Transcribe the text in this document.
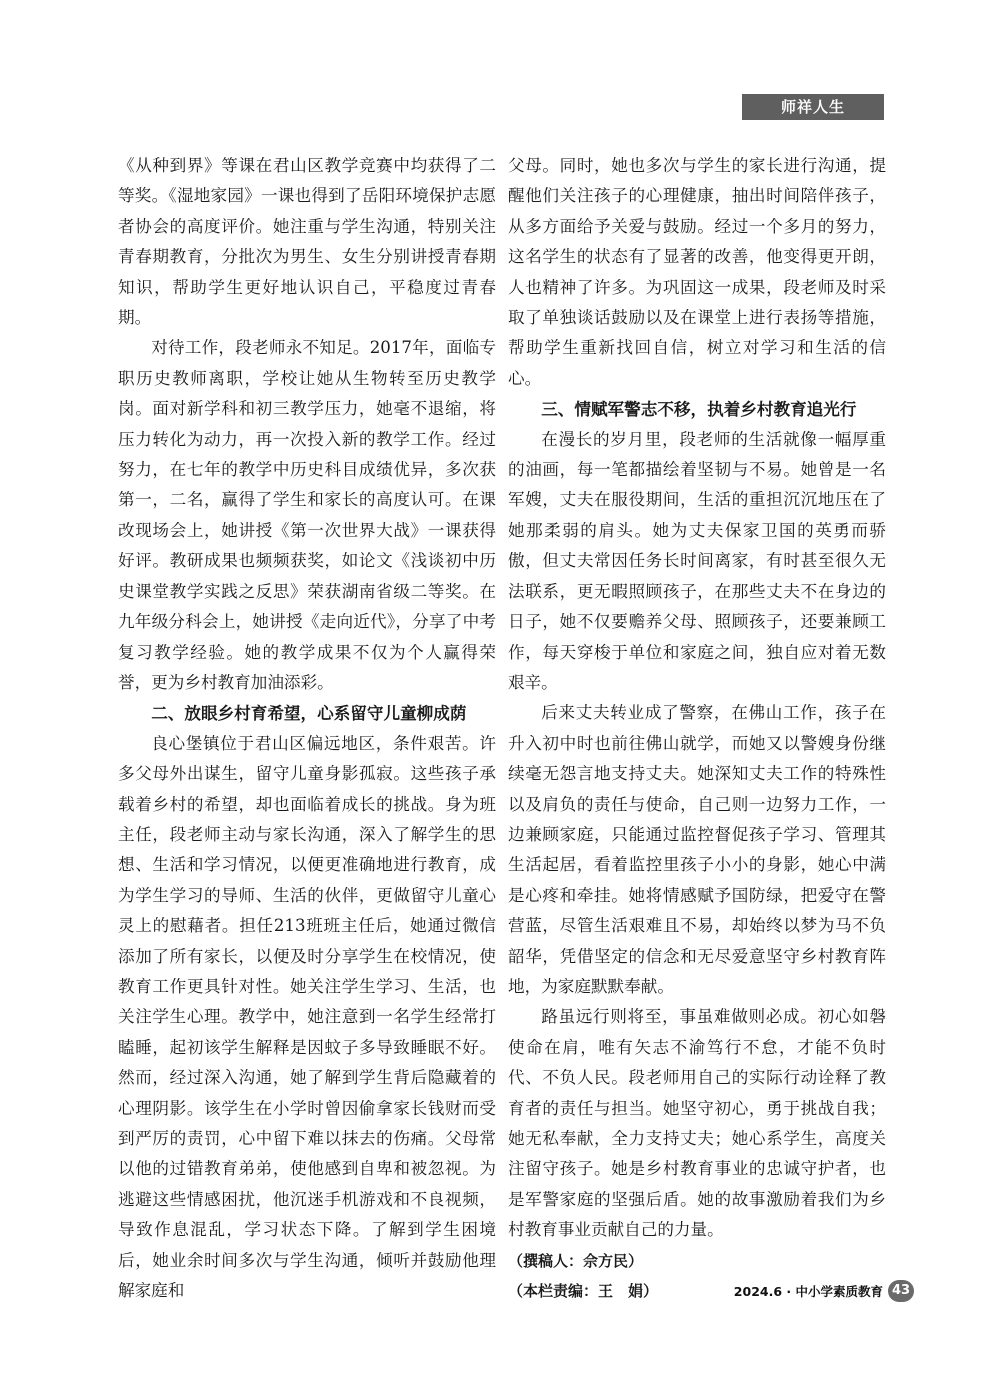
师祥人生

《从种到界》等课在君山区教学竞赛中均获得了二等奖。《湿地家园》一课也得到了岳阳环境保护志愿者协会的高度评价。她注重与学生沟通，特别关注青春期教育，分批次为男生、女生分别讲授青春期知识，帮助学生更好地认识自己，平稳度过青春期。

对待工作，段老师永不知足。2017年，面临专职历史教师离职，学校让她从生物转至历史教学岗。面对新学科和初三教学压力，她毫不退缩，将压力转化为动力，再一次投入新的教学工作。经过努力，在七年的教学中历史科目成绩优异，多次获第一，二名，赢得了学生和家长的高度认可。在课改现场会上，她讲授《第一次世界大战》一课获得好评。教研成果也频频获奖，如论文《浅谈初中历史课堂教学实践之反思》荣获湖南省级二等奖。在九年级分科会上，她讲授《走向近代》，分享了中考复习教学经验。她的教学成果不仅为个人赢得荣誉，更为乡村教育加油添彩。

二、放眼乡村育希望，心系留守儿童柳成荫

良心堡镇位于君山区偏远地区，条件艰苦。许多父母外出谋生，留守儿童身影孤寂。这些孩子承载着乡村的希望，却也面临着成长的挑战。身为班主任，段老师主动与家长沟通，深入了解学生的思想、生活和学习情况，以便更准确地进行教育，成为学生学习的导师、生活的伙伴，更做留守儿童心灵上的慰藉者。担任213班班主任后，她通过微信添加了所有家长，以便及时分享学生在校情况，使教育工作更具针对性。她关注学生学习、生活，也关注学生心理。教学中，她注意到一名学生经常打瞌睡，起初该学生解释是因蚊子多导致睡眠不好。然而，经过深入沟通，她了解到学生背后隐藏着的心理阴影。该学生在小学时曾因偷拿家长钱财而受到严厉的责罚，心中留下难以抹去的伤痛。父母常以他的过错教育弟弟，使他感到自卑和被忽视。为逃避这些情感困扰，他沉迷手机游戏和不良视频，导致作息混乱，学习状态下降。了解到学生困境后，她业余时间多次与学生沟通，倾听并鼓励他理解家庭和

父母。同时，她也多次与学生的家长进行沟通，提醒他们关注孩子的心理健康，抽出时间陪伴孩子，从多方面给予关爱与鼓励。经过一个多月的努力，这名学生的状态有了显著的改善，他变得更开朗，人也精神了许多。为巩固这一成果，段老师及时采取了单独谈话鼓励以及在课堂上进行表扬等措施，帮助学生重新找回自信，树立对学习和生活的信心。

三、情赋军警志不移，执着乡村教育追光行

在漫长的岁月里，段老师的生活就像一幅厚重的油画，每一笔都描绘着坚韧与不易。她曾是一名军嫂，丈夫在服役期间，生活的重担沉沉地压在了她那柔弱的肩头。她为丈夫保家卫国的英勇而骄傲，但丈夫常因任务长时间离家，有时甚至很久无法联系，更无暇照顾孩子，在那些丈夫不在身边的日子，她不仅要赡养父母、照顾孩子，还要兼顾工作，每天穿梭于单位和家庭之间，独自应对着无数艰辛。

后来丈夫转业成了警察，在佛山工作，孩子在升入初中时也前往佛山就学，而她又以警嫂身份继续毫无怨言地支持丈夫。她深知丈夫工作的特殊性以及肩负的责任与使命，自己则一边努力工作，一边兼顾家庭，只能通过监控督促孩子学习、管理其生活起居，看着监控里孩子小小的身影，她心中满是心疼和牵挂。她将情感赋予国防绿，把爱守在警营蓝，尽管生活艰难且不易，却始终以梦为马不负韶华，凭借坚定的信念和无尽爱意坚守乡村教育阵地，为家庭默默奉献。

路虽远行则将至，事虽难做则必成。初心如磐使命在肩，唯有矢志不渝笃行不怠，才能不负时代、不负人民。段老师用自己的实际行动诠释了教育者的责任与担当。她坚守初心，勇于挑战自我；她无私奉献，全力支持丈夫；她心系学生，高度关注留守孩子。她是乡村教育事业的忠诚守护者，也是军警家庭的坚强后盾。她的故事激励着我们为乡村教育事业贡献自己的力量。

（撰稿人：佘方民）

（本栏责编：王　娟）	2024.6 · 中小学素质教育 43
